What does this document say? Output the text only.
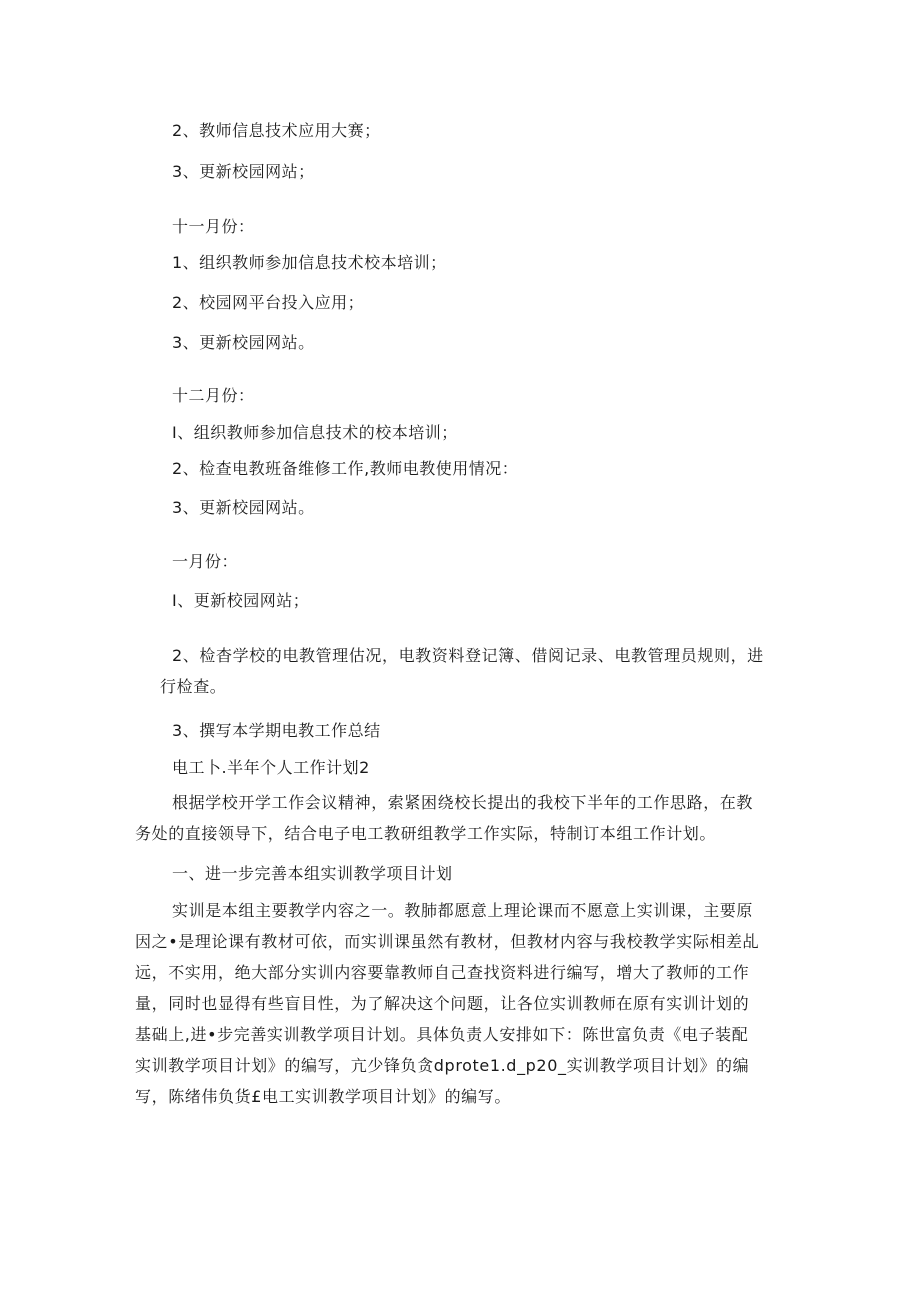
2、教师信息技术应用大赛；
3、更新校园网站；
十一月份：
1、组织教师参加信息技术校本培训；
2、校园网平台投入应用；
3、更新校园网站。
十二月份：
I、组织教师参加信息技术的校本培训；
2、检查电教班备维修工作,教师电教使用情况：
3、更新校园网站。
一月份：
I、更新校园网站；
2、检杳学校的电教管理估况，电教资料登记簿、借阅记录、电教管理员规则，进
行检查。
3、撰写本学期电教工作总结
电工卜.半年个人工作计划2
根据学校开学工作会议精神，索紧困绕校长提出的我校下半年的工作思路，在教
务处的直接领导下，结合电子电工教研组教学工作实际，特制订本组工作计划。
一、进一步完善本组实训教学项目计划
实训是本组主要教学内容之一。教肺都愿意上理论课而不愿意上实训课，主要原
因之•是理论课有教材可依，而实训课虽然有教材，但教材内容与我校教学实际相差乩
远，不实用，绝大部分实训内容要靠教师自己查找资料进行编写，增大了教师的工作
量，同时也显得有些盲目性，为了解决这个问题，让各位实训教师在原有实训计划的
基础上,进•步完善实训教学项目计划。具体负责人安排如下：陈世富负责《电子装配
实训教学项目计划》的编写，亢少锋负贪dprote1.d_p20_实训教学项目计划》的编
写，陈绪伟负货£电工实训教学项目计划》的编写。
